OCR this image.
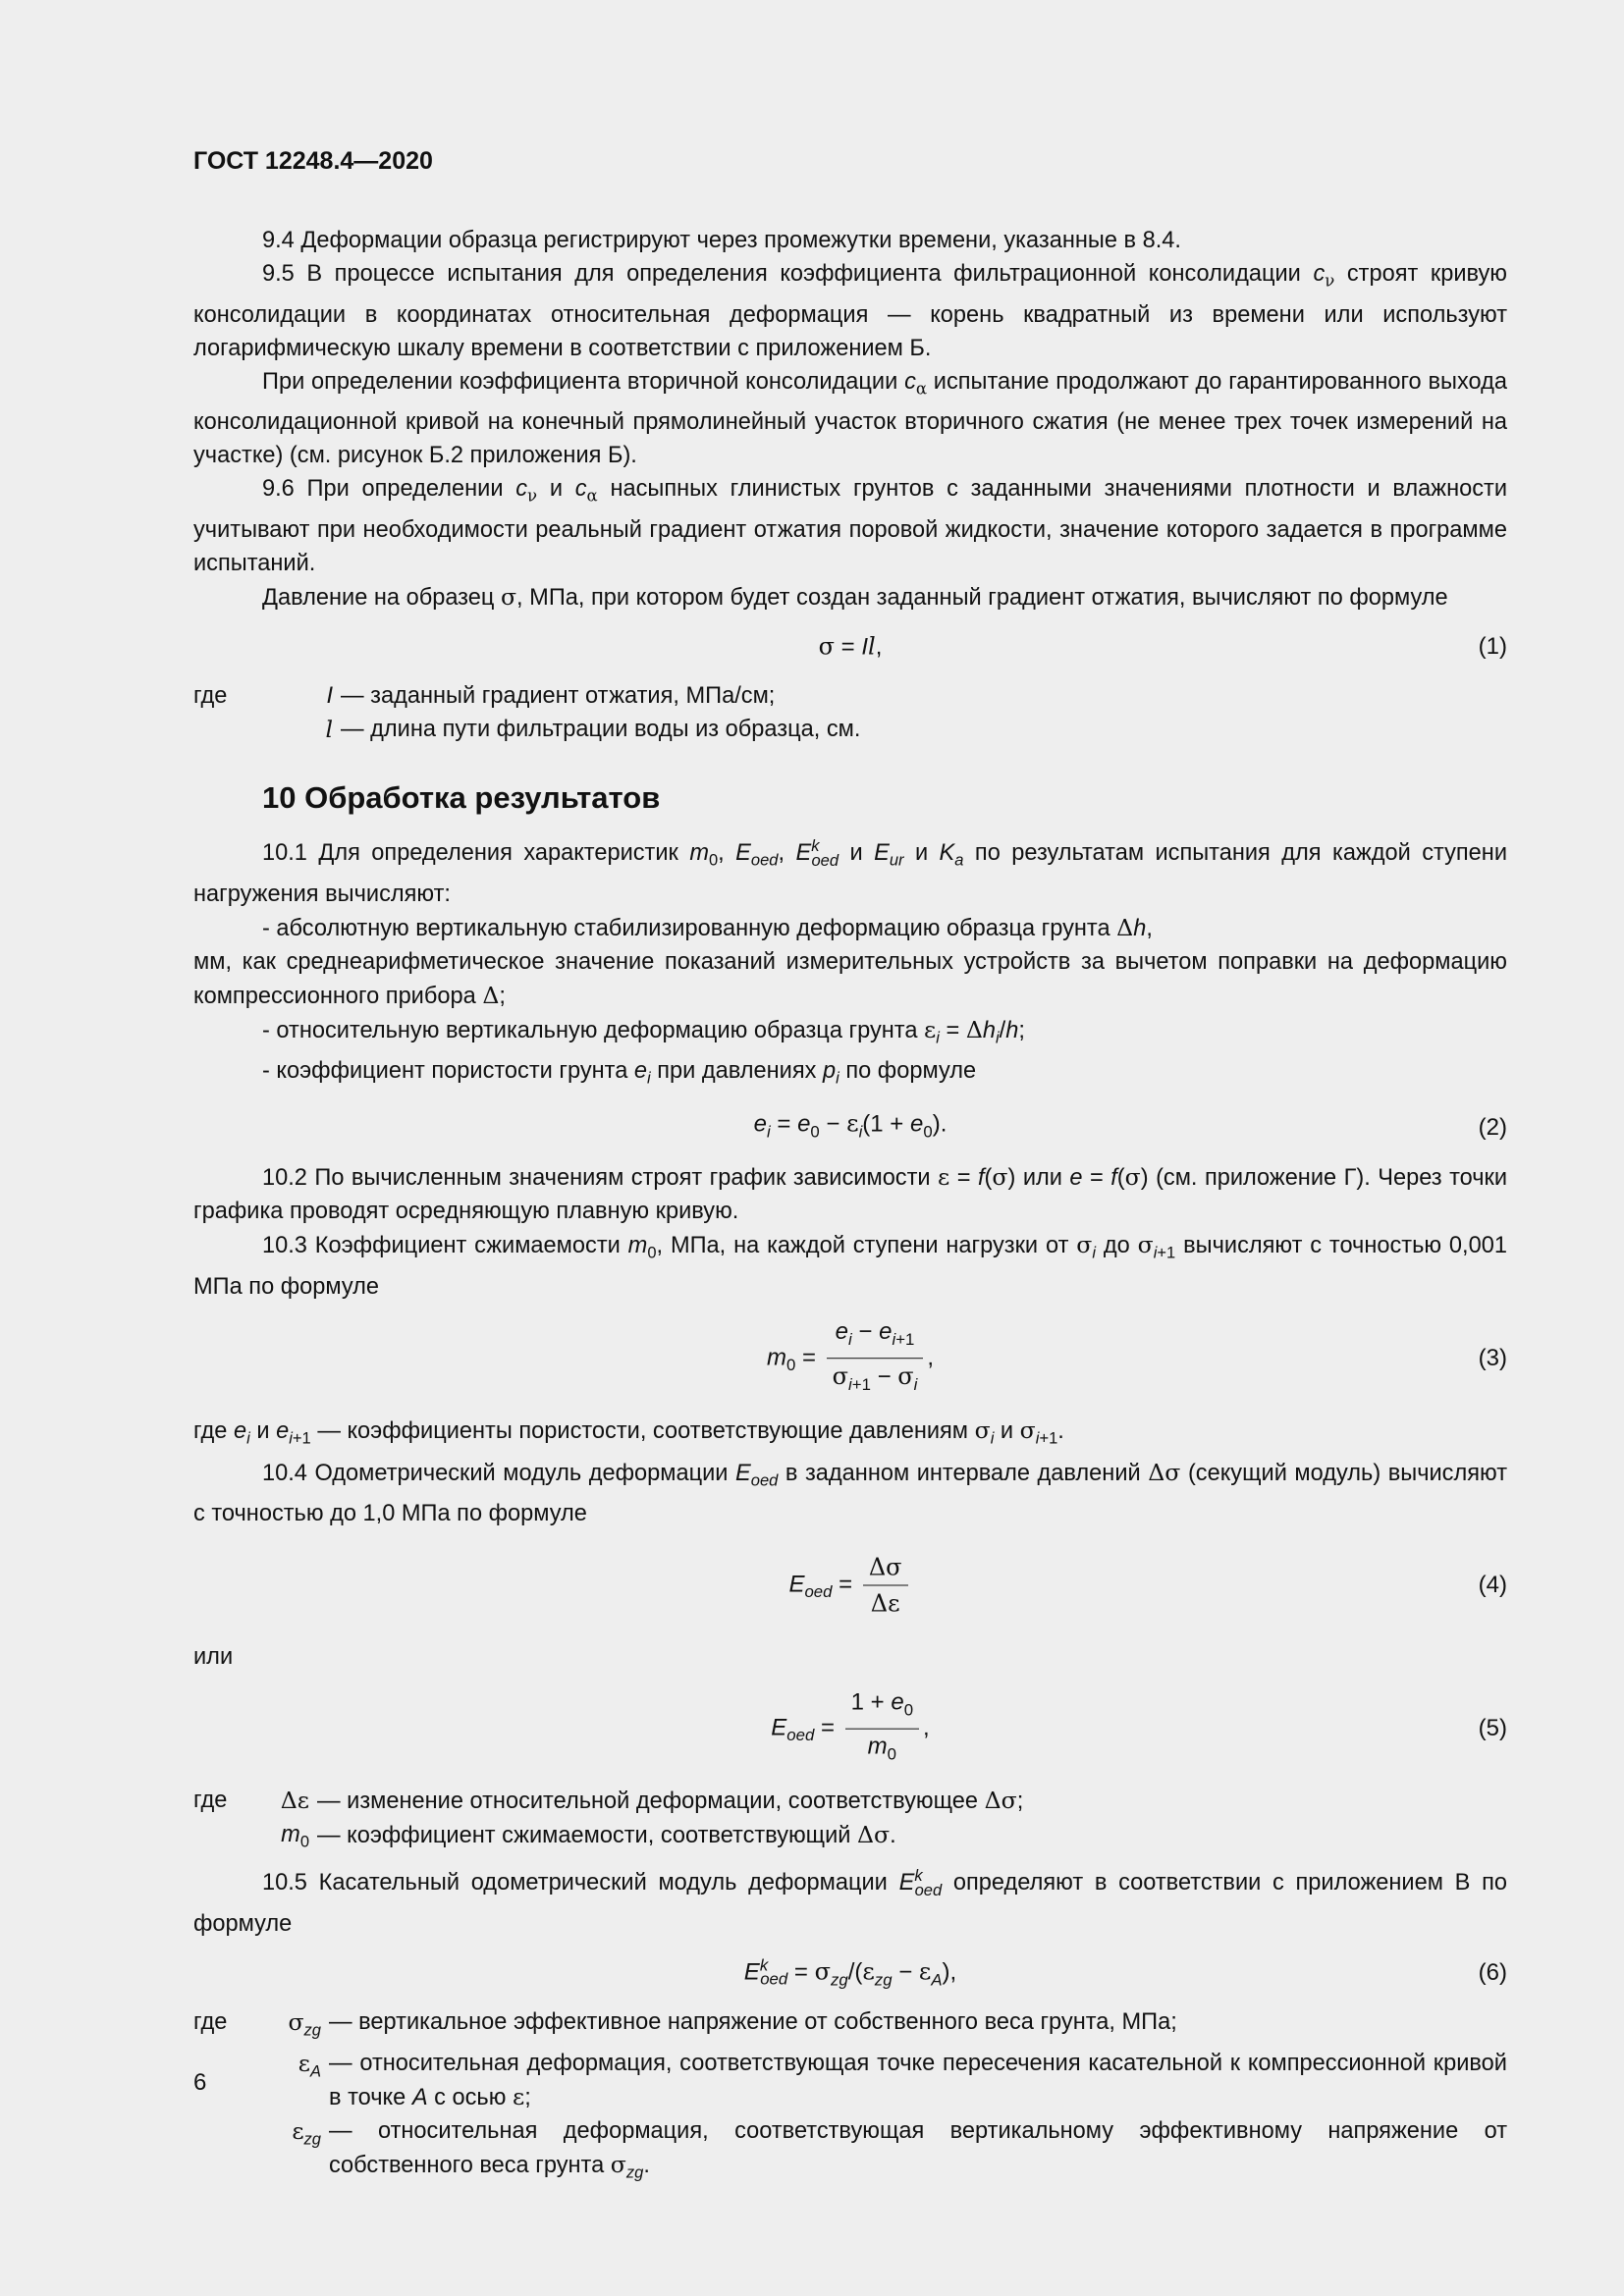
ГОСТ 12248.4—2020

9.4 Деформации образца регистрируют через промежутки времени, указанные в 8.4.

9.5 В процессе испытания для определения коэффициента фильтрационной консолидации $c_\nu$ строят кривую консолидации в координатах относительная деформация — корень квадратный из времени или используют логарифмическую шкалу времени в соответствии с приложением Б.

При определении коэффициента вторичной консолидации $c_\alpha$ испытание продолжают до гарантированного выхода консолидационной кривой на конечный прямолинейный участок вторичного сжатия (не менее трех точек измерений на участке) (см. рисунок Б.2 приложения Б).

9.6 При определении $c_\nu$ и $c_\alpha$ насыпных глинистых грунтов с заданными значениями плотности и влажности учитывают при необходимости реальный градиент отжатия поровой жидкости, значение которого задается в программе испытаний.

Давление на образец σ, МПа, при котором будет создан заданный градиент отжатия, вычисляют по формуле

σ = Il,	(1)
где	I — заданный градиент отжатия, МПа/см;
l — длина пути фильтрации воды из образца, см.
10 Обработка результатов

10.1 Для определения характеристик $m_0$, $E_{oed}$, $E^k_{oed}$ и $E_{ur}$ и $K_a$ по результатам испытания для каждой ступени нагружения вычисляют:

- абсолютную вертикальную стабилизированную деформацию образца грунта Δh,

мм, как среднеарифметическое значение показаний измерительных устройств за вычетом поправки на деформацию компрессионного прибора Δ;

- относительную вертикальную деформацию образца грунта $\varepsilon_i = \Delta h_i/h$;

- коэффициент пористости грунта $e_i$ при давлениях $p_i$ по формуле

$e_i = e_0 - \varepsilon_i(1 + e_0)$.	(2)

10.2 По вычисленным значениям строят график зависимости ε = f(σ) или e = f(σ) (см. приложение Г). Через точки графика проводят осредняющую плавную кривую.

10.3 Коэффициент сжимаемости $m_0$, МПа, на каждой ступени нагрузки от $\sigma_i$ до $\sigma_{i+1}$ вычисляют с точностью 0,001 МПа по формуле

$m_0 = \frac{e_i - e_{i+1}}{\sigma_{i+1} - \sigma_i}$ ,	(3)

где $e_i$ и $e_{i+1}$ — коэффициенты пористости, соответствующие давлениям $\sigma_i$ и $\sigma_{i+1}$.

10.4 Одометрический модуль деформации $E_{oed}$ в заданном интервале давлений Δσ (секущий модуль) вычисляют с точностью до 1,0 МПа по формуле

$E_{oed} = \frac{\Delta\sigma}{\Delta\varepsilon}$	(4)

или

$E_{oed} = \frac{1 + e_0}{m_0}$ ,	(5)
где Δε — изменение относительной деформации, соответствующее Δσ;
$m_0$ — коэффициент сжимаемости, соответствующий Δσ.

10.5 Касательный одометрический модуль деформации $E^k_{oed}$ определяют в соответствии с приложением В по формуле

$E^k_{oed} = \sigma_{zg}/(\varepsilon_{zg} - \varepsilon_A)$,	(6)
где	$\sigma_{zg}$ — вертикальное эффективное напряжение от собственного веса грунта, МПа;
$\varepsilon_A$ — относительная деформация, соответствующая точке пересечения касательной к компрессионной кривой в точке A с осью ε;
$\varepsilon_{zg}$ — относительная деформация, соответствующая вертикальному эффективному напряжение от собственного веса грунта $\sigma_{zg}$.
6
